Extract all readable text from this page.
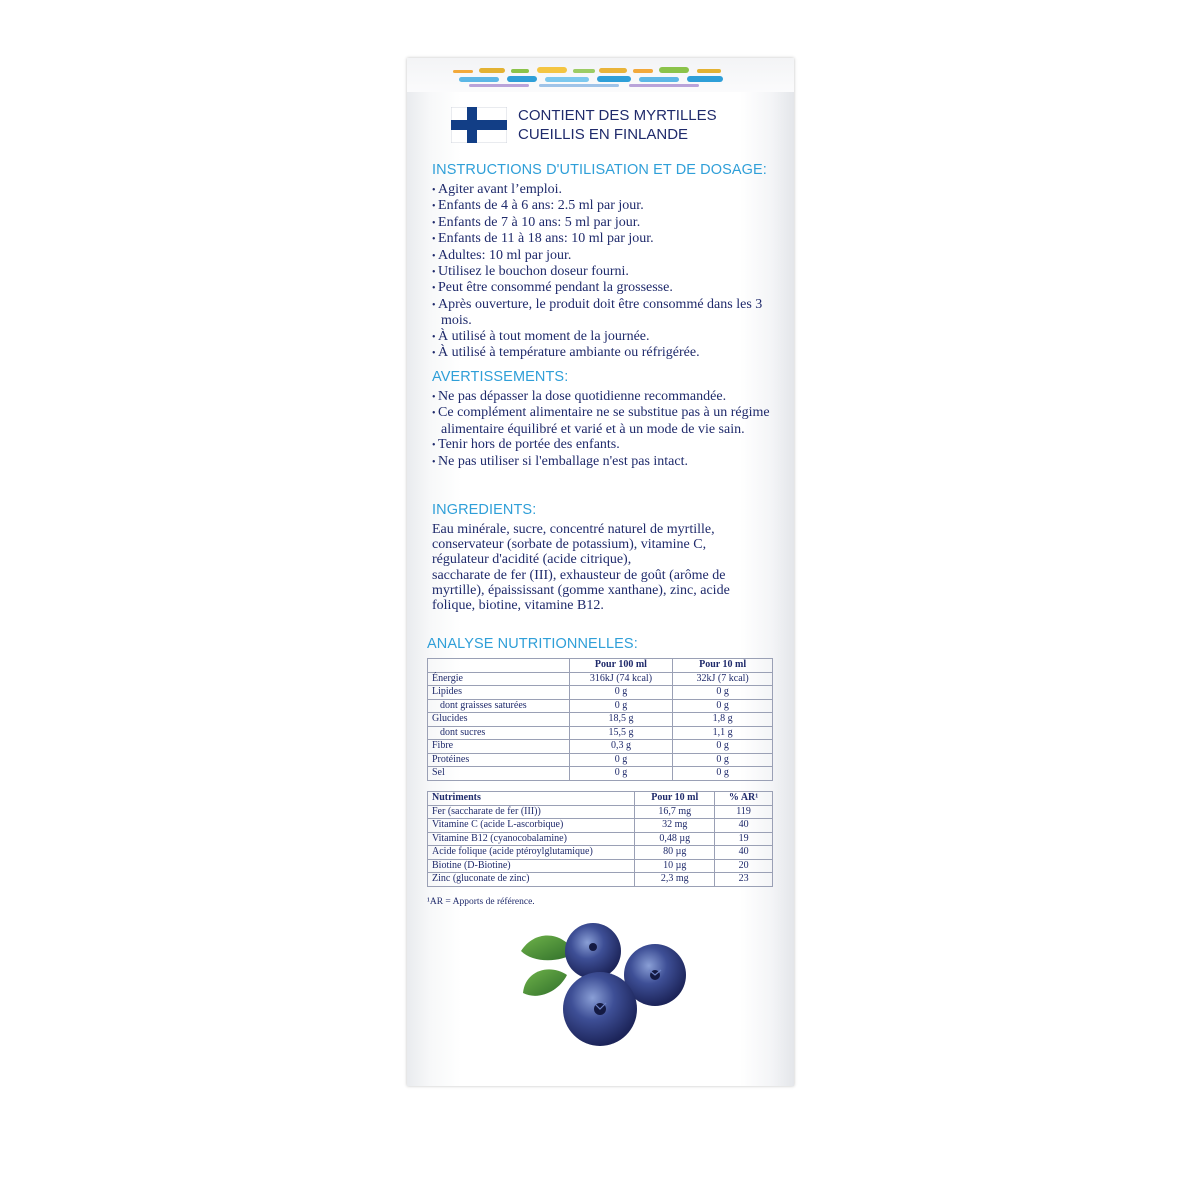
CONTIENT DES MYRTILLES
CUEILLIS EN FINLANDE
INSTRUCTIONS D'UTILISATION ET DE DOSAGE:
• Agiter avant l’emploi.
• Enfants de 4 à 6 ans: 2.5 ml par jour.
• Enfants de 7 à 10 ans: 5 ml par jour.
• Enfants de 11 à 18 ans: 10 ml par jour.
• Adultes: 10 ml par jour.
• Utilisez le bouchon doseur fourni.
• Peut être consommé pendant la grossesse.
• Après ouverture, le produit doit être consommé dans les 3 mois.
• À utilisé à tout moment de la journée.
• À utilisé à température ambiante ou réfrigérée.
AVERTISSEMENTS:
• Ne pas dépasser la dose quotidienne recommandée.
• Ce complément alimentaire ne se substitue pas à un régime alimentaire équilibré et varié et à un mode de vie sain.
• Tenir hors de portée des enfants.
• Ne pas utiliser si l'emballage n'est pas intact.
INGREDIENTS:
Eau minérale, sucre, concentré naturel de myrtille,
conservateur (sorbate de potassium), vitamine C,
régulateur d'acidité (acide citrique),
saccharate de fer (III), exhausteur de goût (arôme de
myrtille), épaississant (gomme xanthane), zinc, acide
folique, biotine, vitamine B12.
ANALYSE NUTRITIONNELLES:
	Pour 100 ml	Pour 10 ml
Énergie	316kJ (74 kcal)	32kJ (7 kcal)
Lipides	0 g	0 g
dont graisses saturées	0 g	0 g
Glucides	18,5 g	1,8 g
dont sucres	15,5 g	1,1 g
Fibre	0,3 g	0 g
Protéines	0 g	0 g
Sel	0 g	0 g
Nutriments	Pour 10 ml	% AR¹
Fer (saccharate de fer (III))	16,7 mg	119
Vitamine C (acide L-ascorbique)	32 mg	40
Vitamine B12 (cyanocobalamine)	0,48 µg	19
Acide folique (acide ptéroylglutamique)	80 µg	40
Biotine (D-Biotine)	10 µg	20
Zinc (gluconate de zinc)	2,3 mg	23
¹AR = Apports de référence.
